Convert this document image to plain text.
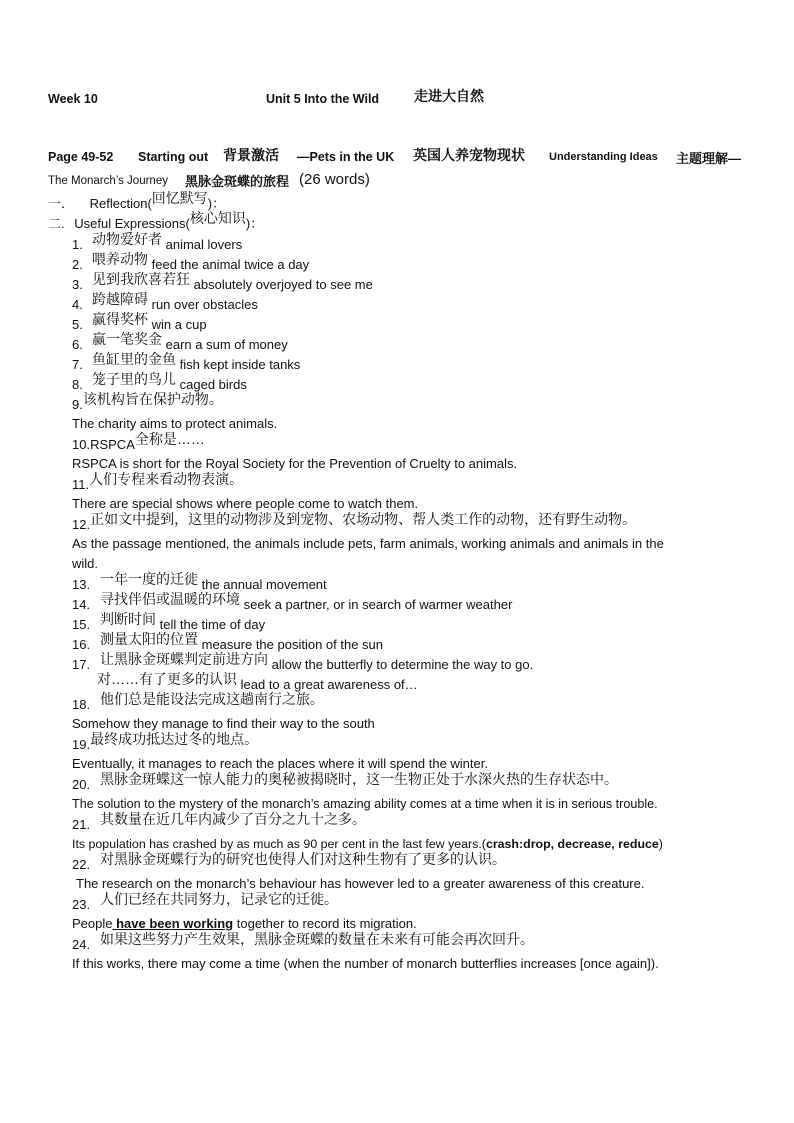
Week 10	Unit 5 Into the Wild 走进大自然
Page 49-52 Starting out 背景激活 —Pets in the UK 英国人养宠物现状 Understanding Ideas 主题理解—
The Monarch’s Journey 黑脉金斑蝶的旅程 (26 words)
一． Reflection(回忆默写)：
二. Useful Expressions(核心知识)：
1. 动物爱好者 animal lovers
2. 喂养动物 feed the animal twice a day
3. 见到我欣喜若狂 absolutely overjoyed to see me
4. 跨越障碍 run over obstacles
5. 赢得奖杯 win a cup
6. 赢一笔奖金 earn a sum of money
7. 鱼缸里的金鱼 fish kept inside tanks
8. 笼子里的鸟儿 caged birds
9.该机构旨在保护动物。
The charity aims to protect animals.
10.RSPCA全称是……
RSPCA is short for the Royal Society for the Prevention of Cruelty to animals.
11.人们专程来看动物表演。
There are special shows where people come to watch them.
12.正如文中提到，这里的动物涉及到宠物、农场动物、帮人类工作的动物，还有野生动物。
As the passage mentioned, the animals include pets, farm animals, working animals and animals in the
wild.
13. 一年一度的迁徙 the annual movement
14. 寻找伴侣或温暖的环境 seek a partner, or in search of warmer weather
15. 判断时间 tell the time of day
16. 测量太阳的位置 measure the position of the sun
17. 让黑脉金斑蝶判定前进方向 allow the butterfly to determine the way to go.
对……有了更多的认识 lead to a great awareness of…
18. 他们总是能设法完成这趟南行之旅。
Somehow they manage to find their way to the south
19.最终成功抵达过冬的地点。
Eventually, it manages to reach the places where it will spend the winter.
20. 黑脉金斑蝶这一惊人能力的奥秘被揭晓时，这一生物正处于水深火热的生存状态中。
The solution to the mystery of the monarch’s amazing ability comes at a time when it is in serious trouble.
21. 其数量在近几年内减少了百分之九十之多。
Its population has crashed by as much as 90 per cent in the last few years.(crash:drop, decrease, reduce)
22. 对黑脉金斑蝶行为的研究也使得人们对这种生物有了更多的认识。
The research on the monarch’s behaviour has however led to a greater awareness of this creature.
23. 人们已经在共同努力，记录它的迁徙。
People have been working together to record its migration.
24. 如果这些努力产生效果，黑脉金斑蝶的数量在未来有可能会再次回升。
If this works, there may come a time (when the number of monarch butterflies increases [once again]).
